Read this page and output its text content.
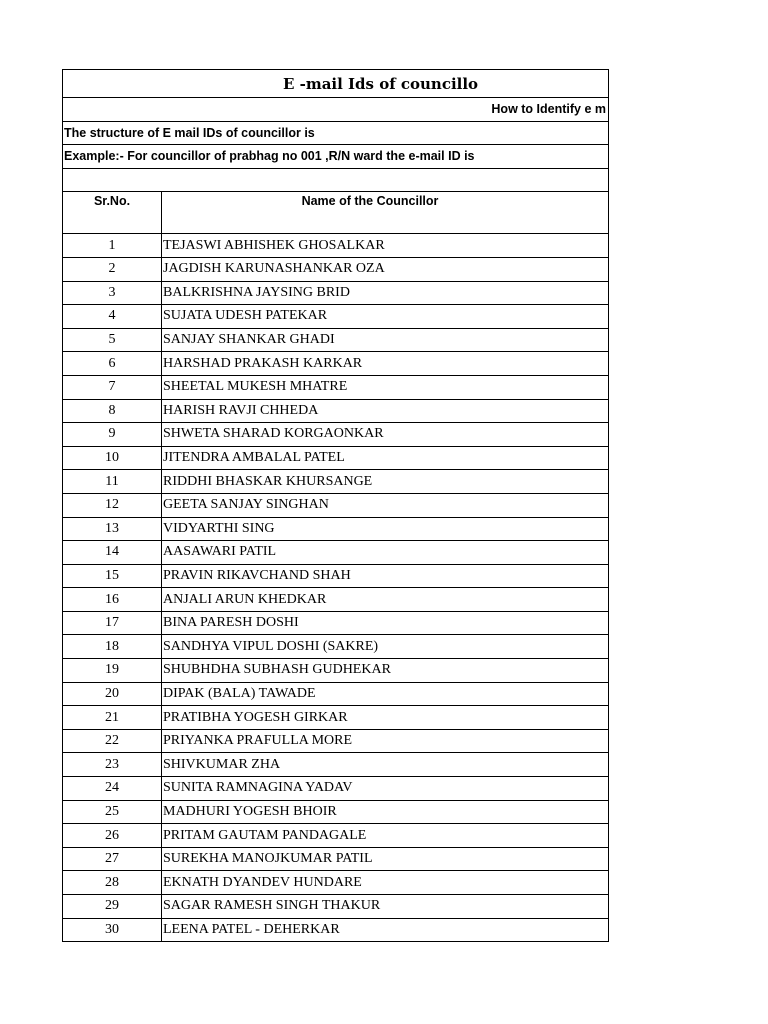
E -mail Ids of councillo	
How to Identify e m	
The structure of E mail IDs of councillor is	
Example:- For councillor of prabhag no 001 ,R/N ward the e-mail ID is	

Sr.No.	Name of the Councillor
1	TEJASWI ABHISHEK GHOSALKAR
2	JAGDISH KARUNASHANKAR OZA
3	BALKRISHNA JAYSING BRID
4	SUJATA UDESH PATEKAR
5	SANJAY SHANKAR GHADI
6	HARSHAD PRAKASH KARKAR
7	SHEETAL MUKESH MHATRE
8	HARISH RAVJI CHHEDA
9	SHWETA SHARAD KORGAONKAR
10	JITENDRA AMBALAL PATEL
11	RIDDHI BHASKAR KHURSANGE
12	GEETA SANJAY SINGHAN
13	VIDYARTHI SING
14	AASAWARI PATIL
15	PRAVIN RIKAVCHAND SHAH
16	ANJALI ARUN KHEDKAR
17	BINA PARESH DOSHI
18	SANDHYA VIPUL DOSHI (SAKRE)
19	SHUBHDHA SUBHASH GUDHEKAR
20	DIPAK (BALA) TAWADE
21	PRATIBHA YOGESH GIRKAR
22	PRIYANKA PRAFULLA MORE
23	SHIVKUMAR ZHA
24	SUNITA RAMNAGINA YADAV
25	MADHURI YOGESH BHOIR
26	PRITAM GAUTAM PANDAGALE
27	SUREKHA MANOJKUMAR PATIL
28	EKNATH DYANDEV HUNDARE
29	SAGAR RAMESH SINGH THAKUR
30	LEENA PATEL - DEHERKAR
